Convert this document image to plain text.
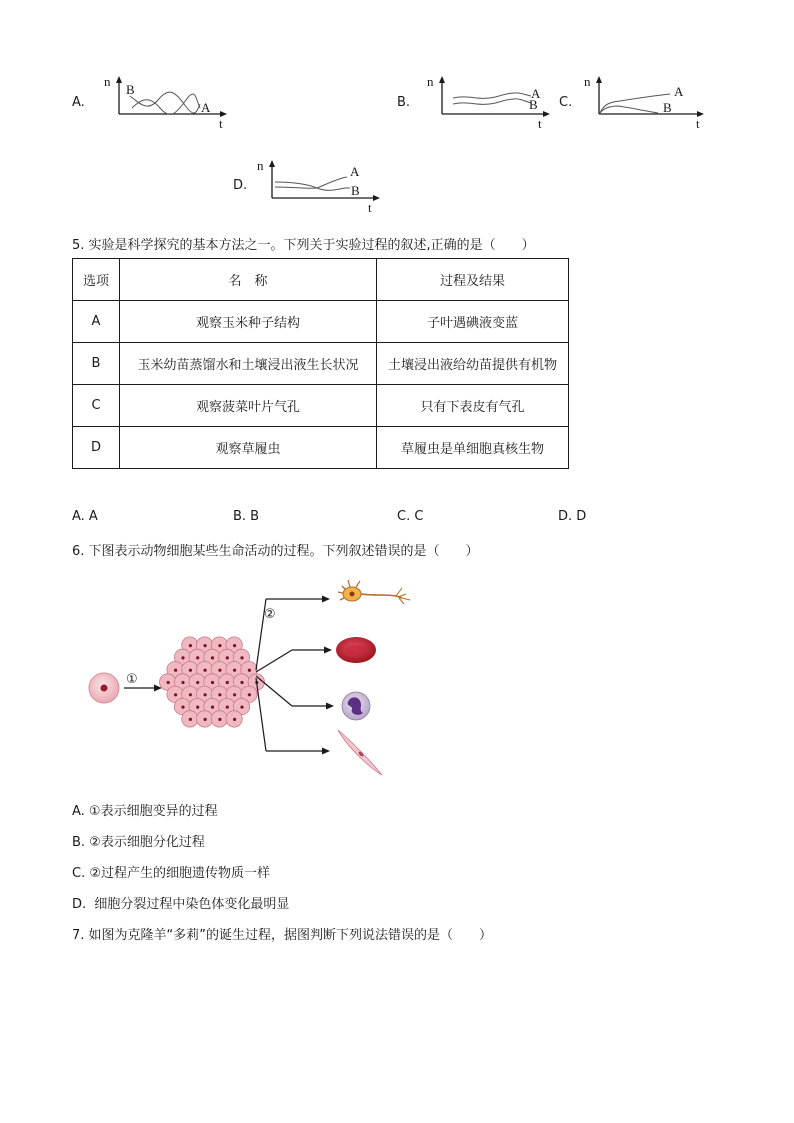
A.
n
B
A
t
B.
n
A
B
t
C.
n
A
B
t
D.
n	A
B
t
5. 实验是科学探究的基本方法之一。下列关于实验过程的叙述,正确的是（　　）
选项	名　称	过程及结果
A	观察玉米种子结构	子叶遇碘液变蓝
B	玉米幼苗蒸馏水和土壤浸出液生长状况	土壤浸出液给幼苗提供有机物
C	观察菠菜叶片气孔	只有下表皮有气孔
D	观察草履虫	草履虫是单细胞真核生物
A. A	B. B	C. C	D. D
6. 下图表示动物细胞某些生命活动的过程。下列叙述错误的是（　　）
①
②
A. ①表示细胞变异的过程
B. ②表示细胞分化过程
C. ②过程产生的细胞遗传物质一样
D.  细胞分裂过程中染色体变化最明显
7. 如图为克隆羊“多莉”的诞生过程，据图判断下列说法错误的是（　　）
